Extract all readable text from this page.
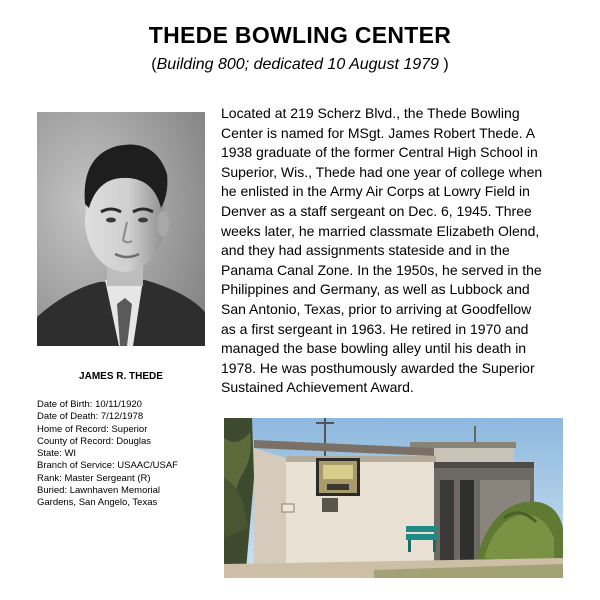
THEDE BOWLING CENTER
(Building 800; dedicated 10 August 1979 )
JAMES R. THEDE
Date of Birth: 10/11/1920
Date of Death: 7/12/1978
Home of Record: Superior
County of Record: Douglas
State: WI
Branch of Service: USAAC/USAF
Rank: Master Sergeant (R)
Buried: Lawnhaven Memorial
Gardens, San Angelo, Texas
Located at 219 Scherz Blvd., the Thede Bowling
Center is named for MSgt. James Robert Thede. A
1938 graduate of the former Central High School in
Superior, Wis., Thede had one year of college when
he enlisted in the Army Air Corps at Lowry Field in
Denver as a staff sergeant on Dec. 6, 1945. Three
weeks later, he married classmate Elizabeth Olend,
and they had assignments stateside and in the
Panama Canal Zone. In the 1950s, he served in the
Philippines and Germany, as well as Lubbock and
San Antonio, Texas, prior to arriving at Goodfellow
as a first sergeant in 1963. He retired in 1970 and
managed the base bowling alley until his death in
1978. He was posthumously awarded the Superior
Sustained Achievement Award.
